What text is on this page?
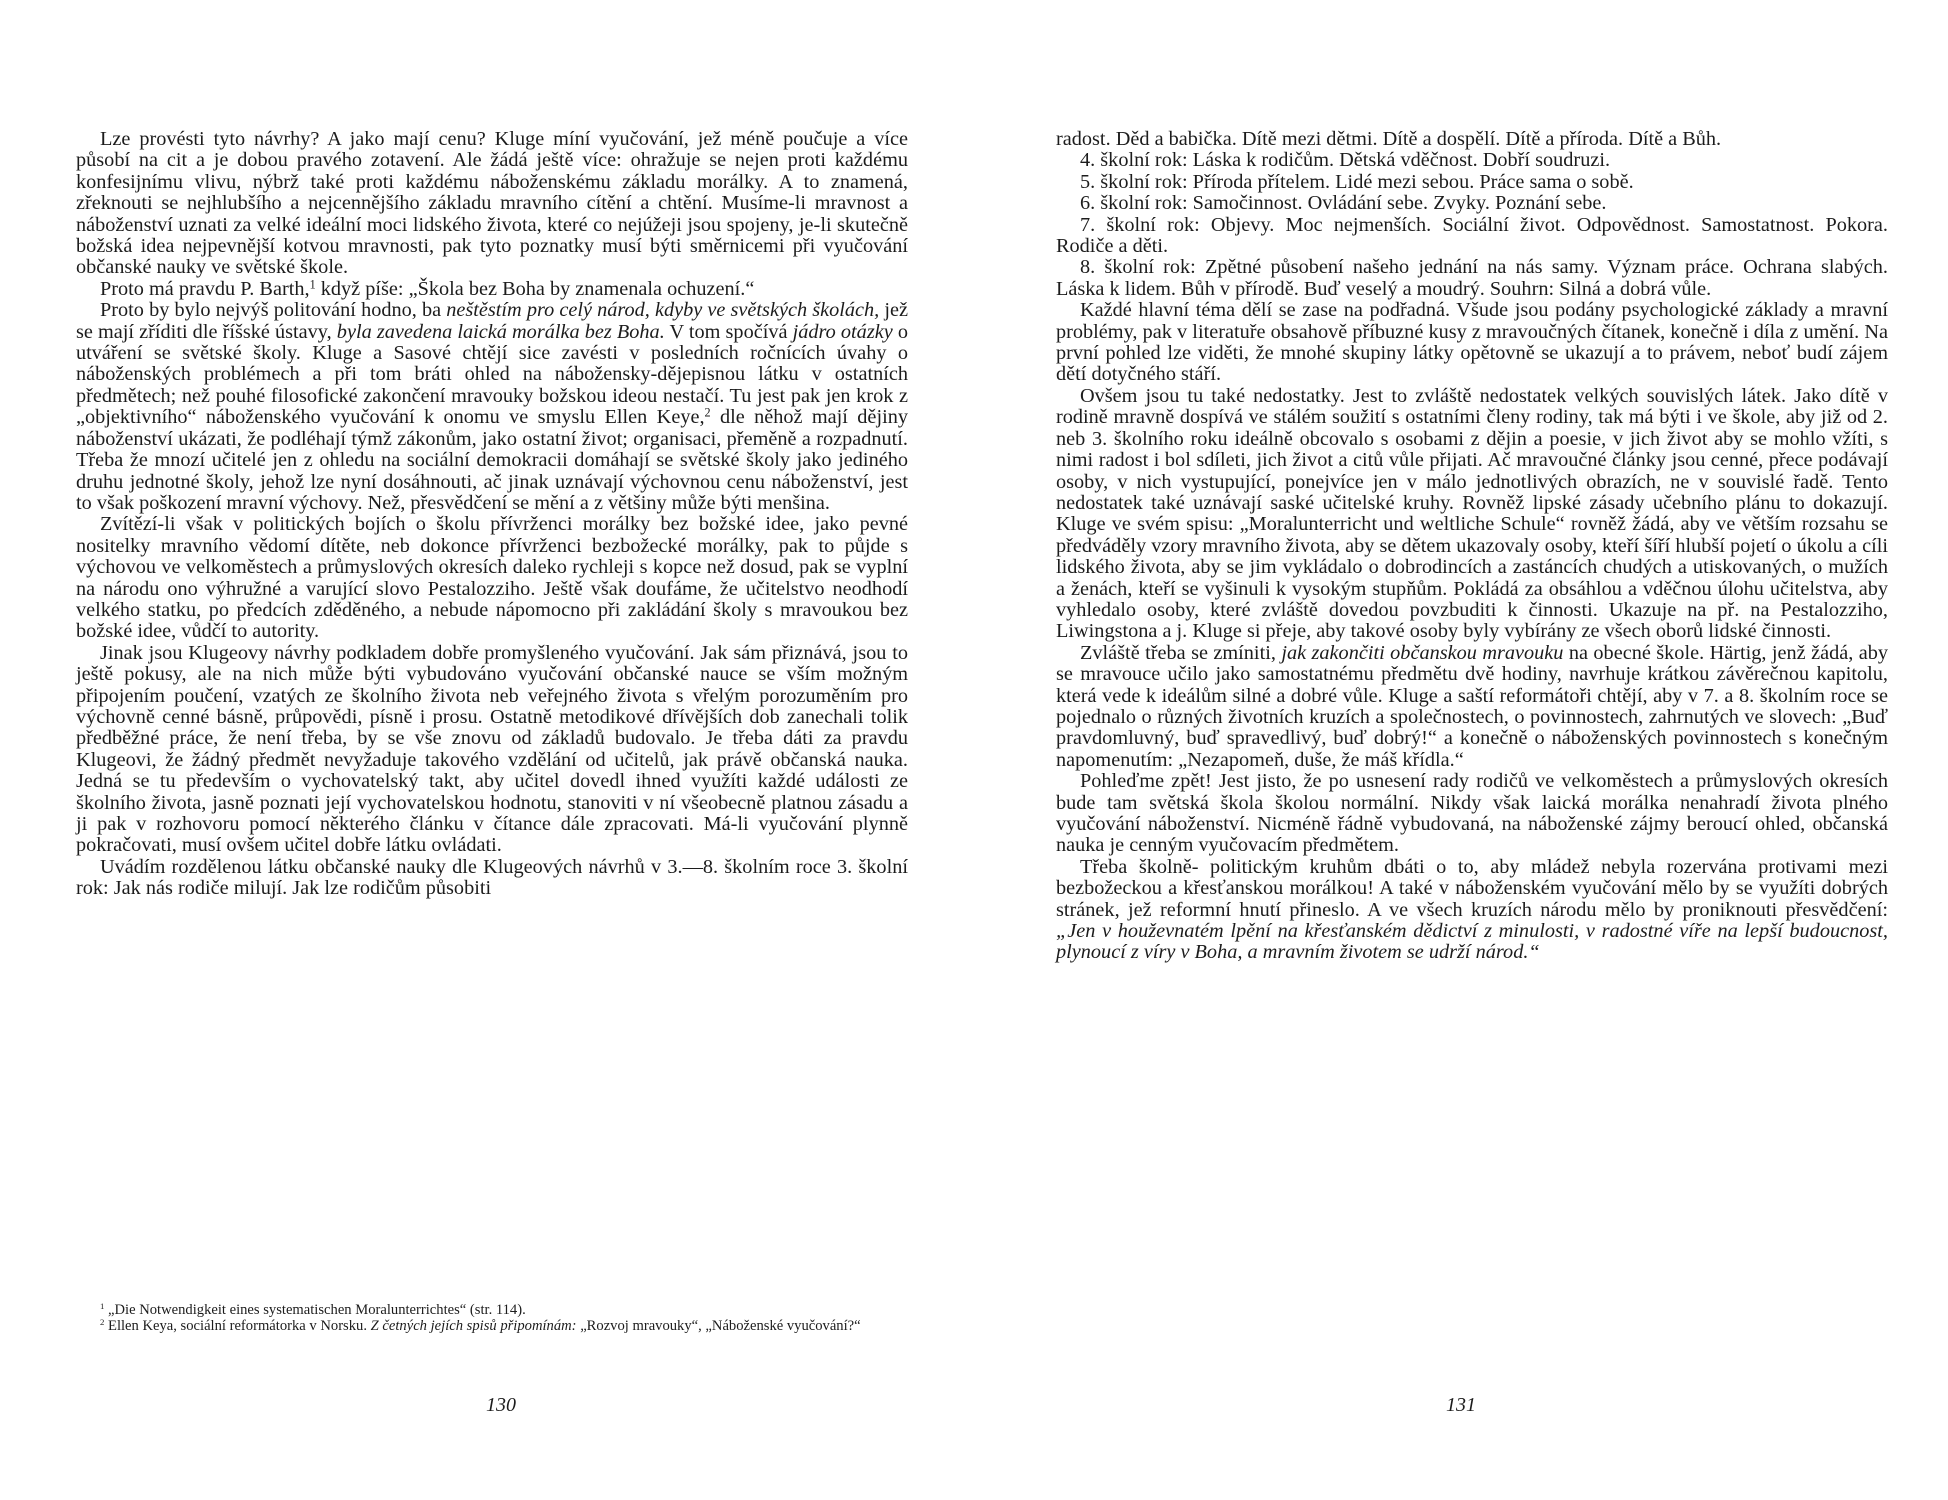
Lze provésti tyto návrhy? A jako mají cenu? Kluge míní vyučování, jež méně poučuje a více působí na cit a je dobou pravého zotavení. Ale žádá ještě více: ohražuje se nejen proti každému konfesijnímu vlivu, nýbrž také proti každému náboženskému základu morálky. A to znamená, zřeknouti se nejhlubšího a nejcennějšího základu mravního cítění a chtění. Musíme-li mravnost a náboženství uznati za velké ideální moci lidského života, které co nejúžeji jsou spojeny, je-li skutečně božská idea nejpevnější kotvou mravnosti, pak tyto poznatky musí býti směrnicemi při vyučování občanské nauky ve světské škole.

Proto má pravdu P. Barth,$^1$ když píše: „Škola bez Boha by znamenala ochuzení.“

Proto by bylo nejvýš politování hodno, ba neštěstím pro celý národ, kdyby ve světských školách, jež se mají zříditi dle říšské ústavy, byla zavedena laická morálka bez Boha. V tom spočívá jádro otázky o utváření se světské školy. Kluge a Sasové chtějí sice zavésti v posledních ročnících úvahy o náboženských problémech a při tom bráti ohled na nábožensky-dějepisnou látku v ostatních předmětech; než pouhé filosofické zakončení mravouky božskou ideou nestačí. Tu jest pak jen krok z „objektivního“ náboženského vyučování k onomu ve smyslu Ellen Keye,$^2$ dle něhož mají dějiny náboženství ukázati, že podléhají týmž zákonům, jako ostatní život; organisaci, přeměně a rozpadnutí. Třeba že mnozí učitelé jen z ohledu na sociální demokracii domáhají se světské školy jako jediného druhu jednotné školy, jehož lze nyní dosáhnouti, ač jinak uznávají výchovnou cenu náboženství, jest to však poškození mravní výchovy. Než, přesvědčení se mění a z většiny může býti menšina.

Zvítězí-li však v politických bojích o školu přívrženci morálky bez božské idee, jako pevné nositelky mravního vědomí dítěte, neb dokonce přívrženci bezbožecké morálky, pak to půjde s výchovou ve velkoměstech a průmyslových okresích daleko rychleji s kopce než dosud, pak se vyplní na národu ono výhružné a varující slovo Pestalozziho. Ještě však doufáme, že učitelstvo neodhodí velkého statku, po předcích zděděného, a nebude nápomocno při zakládání školy s mravoukou bez božské idee, vůdčí to autority.

Jinak jsou Klugeovy návrhy podkladem dobře promyšleného vyučování. Jak sám přiznává, jsou to ještě pokusy, ale na nich může býti vybudováno vyučování občanské nauce se vším možným připojením poučení, vzatých ze školního života neb veřejného života s vřelým porozuměním pro výchovně cenné básně, průpovědi, písně i prosu. Ostatně metodikové dřívějších dob zanechali tolik předběžné práce, že není třeba, by se vše znovu od základů budovalo. Je třeba dáti za pravdu Klugeovi, že žádný předmět nevyžaduje takového vzdělání od učitelů, jak právě občanská nauka. Jedná se tu především o vychovatelský takt, aby učitel dovedl ihned využíti každé události ze školního života, jasně poznati její vychovatelskou hodnotu, stanoviti v ní všeobecně platnou zásadu a ji pak v rozhovoru pomocí některého článku v čítance dále zpracovati. Má-li vyučování plynně pokračovati, musí ovšem učitel dobře látku ovládati.

Uvádím rozdělenou látku občanské nauky dle Klugeových návrhů v 3.—8. školním roce 3. školní rok: Jak nás rodiče milují. Jak lze rodičům působiti

$^1$ „Die Notwendigkeit eines systematischen Moralunterrichtes“ (str. 114).

$^2$ Ellen Keya, sociální reformátorka v Norsku. Z četných jejích spisů připomínám: „Rozvoj mravouky“, „Náboženské vyučování?“

130

radost. Děd a babička. Dítě mezi dětmi. Dítě a dospělí. Dítě a příroda. Dítě a Bůh.

4. školní rok: Láska k rodičům. Dětská vděčnost. Dobří soudruzi.

5. školní rok: Příroda přítelem. Lidé mezi sebou. Práce sama o sobě.

6. školní rok: Samočinnost. Ovládání sebe. Zvyky. Poznání sebe.

7. školní rok: Objevy. Moc nejmenších. Sociální život. Odpovědnost. Samostatnost. Pokora. Rodiče a děti.

8. školní rok: Zpětné působení našeho jednání na nás samy. Význam práce. Ochrana slabých. Láska k lidem. Bůh v přírodě. Buď veselý a moudrý. Souhrn: Silná a dobrá vůle.

Každé hlavní téma dělí se zase na podřadná. Všude jsou podány psychologické základy a mravní problémy, pak v literatuře obsahově příbuzné kusy z mravoučných čítanek, konečně i díla z umění. Na první pohled lze viděti, že mnohé skupiny látky opětovně se ukazují a to právem, neboť budí zájem dětí dotyčného stáří.

Ovšem jsou tu také nedostatky. Jest to zvláště nedostatek velkých souvislých látek. Jako dítě v rodině mravně dospívá ve stálém soužití s ostatními členy rodiny, tak má býti i ve škole, aby již od 2. neb 3. školního roku ideálně obcovalo s osobami z dějin a poesie, v jich život aby se mohlo vžíti, s nimi radost i bol sdíleti, jich život a citů vůle přijati. Ač mravoučné články jsou cenné, přece podávají osoby, v nich vystupující, ponejvíce jen v málo jednotlivých obrazích, ne v souvislé řadě. Tento nedostatek také uznávají saské učitelské kruhy. Rovněž lipské zásady učebního plánu to dokazují. Kluge ve svém spisu: „Moralunterricht und weltliche Schule“ rovněž žádá, aby ve větším rozsahu se předváděly vzory mravního života, aby se dětem ukazovaly osoby, kteří šíří hlubší pojetí o úkolu a cíli lidského života, aby se jim vykládalo o dobrodincích a zastáncích chudých a utiskovaných, o mužích a ženách, kteří se vyšinuli k vysokým stupňům. Pokládá za obsáhlou a vděčnou úlohu učitelstva, aby vyhledalo osoby, které zvláště dovedou povzbuditi k činnosti. Ukazuje na př. na Pestalozziho, Liwingstona a j. Kluge si přeje, aby takové osoby byly vybírány ze všech oborů lidské činnosti.

Zvláště třeba se zmíniti, jak zakončiti občanskou mravouku na obecné škole. Härtig, jenž žádá, aby se mravouce učilo jako samostatnému předmětu dvě hodiny, navrhuje krátkou závěrečnou kapitolu, která vede k ideálům silné a dobré vůle. Kluge a saští reformátoři chtějí, aby v 7. a 8. školním roce se pojednalo o různých životních kruzích a společnostech, o povinnostech, zahrnutých ve slovech: „Buď pravdomluvný, buď spravedlivý, buď dobrý!“ a konečně o náboženských povinnostech s konečným napomenutím: „Nezapomeň, duše, že máš křídla.“

Pohleďme zpět! Jest jisto, že po usnesení rady rodičů ve velkoměstech a průmyslových okresích bude tam světská škola školou normální. Nikdy však laická morálka nenahradí života plného vyučování náboženství. Nicméně řádně vybudovaná, na náboženské zájmy beroucí ohled, občanská nauka je cenným vyučovacím předmětem.

Třeba školně- politickým kruhům dbáti o to, aby mládež nebyla rozervána protivami mezi bezbožeckou a křesťanskou morálkou! A také v náboženském vyučování mělo by se využíti dobrých stránek, jež reformní hnutí přineslo. A ve všech kruzích národu mělo by proniknouti přesvědčení: „Jen v houževnatém lpění na křesťanském dědictví z minulosti, v radostné víře na lepší budoucnost, plynoucí z víry v Boha, a mravním životem se udrží národ.“

131
